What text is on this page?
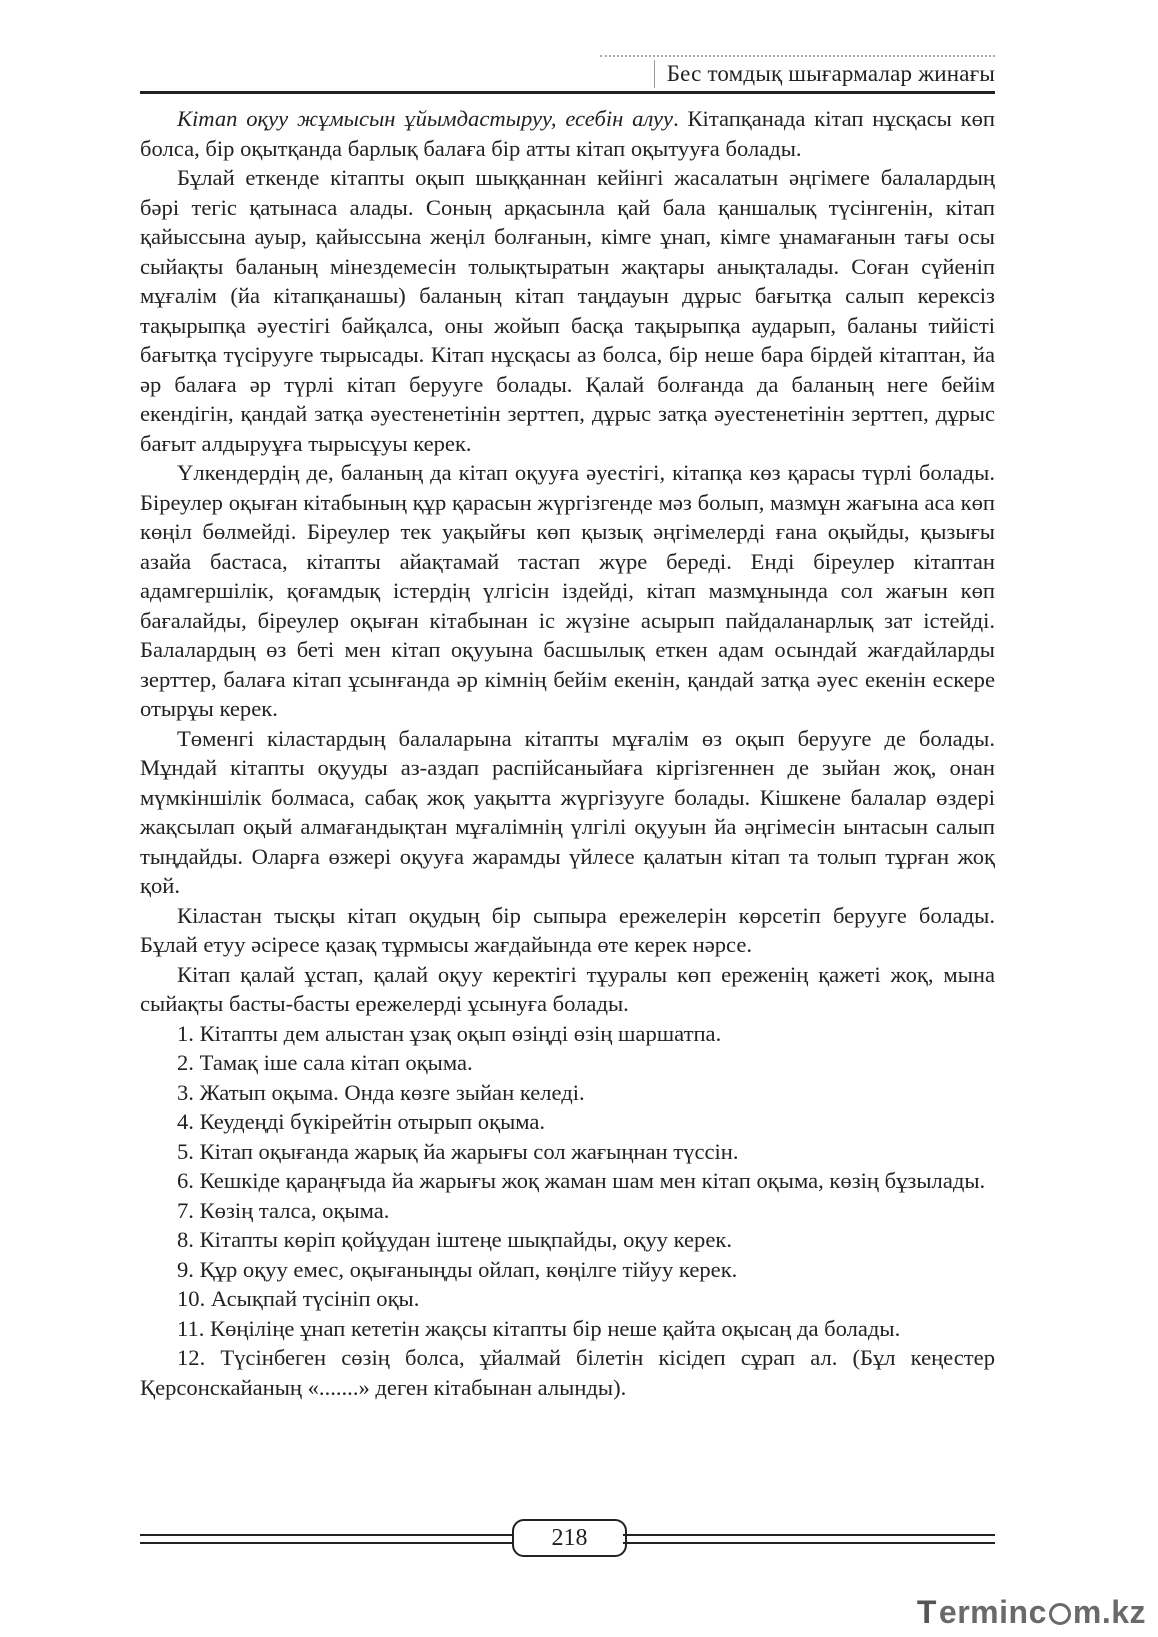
Бес томдық шығармалар жинағы

Кітап оқуу жұмысын ұйымдастыруу, есебін алуу. Кітапқанада кітап нұсқасы көп болса, бір оқытқанда барлық балаға бір атты кітап оқытууға болады.

Бұлай еткенде кітапты оқып шыққаннан кейінгі жасалатын әңгімеге балалардың бәрі тегіс қатынаса алады. Соның арқасынла қай бала қаншалық түсінгенін, кітап қайыссына ауыр, қайыссына жеңіл болғанын, кімге ұнап, кімге ұнамағанын тағы осы сыйақты баланың мінездемесін толықтыратын жақтары анықталады. Соған сүйеніп мұғалім (йа кітапқанашы) баланың кітап таңдауын дұрыс бағытқа салып керексіз тақырыпқа әуестігі байқалса, оны жойып басқа тақырыпқа аударып, баланы тийісті бағытқа түсірууге тырысады. Кітап нұсқасы аз болса, бір неше бара бірдей кітаптан, йа әр балаға әр түрлі кітап беруугe болады. Қалай болғанда да баланың неге бейім екендігін, қандай затқа әуестенетінін зерттеп, дұрыс затқа әуестенетінін зерттеп, дұрыс бағыт алдыруұға тырысұуы керек.

Үлкендердің де, баланың да кітап оқууға әуестігі, кітапқа көз қарасы түрлі болады. Біреулер оқыған кітабының құр қарасын жүргізгенде мәз болып, мазмұн жағына аса көп көңіл бөлмейді. Біреулер тек уақыйғы көп қызық әңгімелерді ғана оқыйды, қызығы азайа бастаса, кітапты айақтамай тастап жүре береді. Енді біреулер кітаптан адамгершілік, қоғамдық істердің үлгісін іздейді, кітап мазмұнында сол жағын көп бағалайды, біреулер оқыған кітабынан іс жүзіне асырып пайдаланарлық зат істейді. Балалардың өз беті мен кітап оқууына басшылық еткен адам осындай жағдайларды зерттер, балаға кітап ұсынғанда әр кімнің бейім екенін, қандай затқа әуес екенін ескере отырұы керек.

Төменгі кіластардың балаларына кітапты мұғалім өз оқып берууге де болады. Мұндай кітапты оқууды аз-аздап распійсаныйаға кіргізгеннен де зыйан жоқ, онан мүмкіншілік болмаса, сабақ жоқ уақытта жүргізууге болады. Кішкене балалар өздері жақсылап оқый алмағандықтан мұғалімнің үлгілі оқууын йа әңгімесін ынтасын салып тыңдайды. Оларға өзжері оқууға жарамды үйлесе қалатын кітап та толып тұрған жоқ қой.

Кіластан тысқы кітап оқудың бір сыпыра ережелерін көрсетіп берууге болады. Бұлай етуу әсіресе қазақ тұрмысы жағдайында өте керек нәрсе.

Кітап қалай ұстап, қалай оқуу керектігі тұуралы көп ереженің қажеті жоқ, мына сыйақты басты-басты ережелерді ұсынуға болады.

1. Кітапты дем алыстан ұзақ оқып өзіңді өзің шаршатпа.

2. Тамақ іше сала кітап оқыма.

3. Жатып оқыма. Онда көзге зыйан келеді.

4. Кеудеңді бүкірейтін отырып оқыма.

5. Кітап оқығанда жарық йа жарығы сол жағыңнан түссін.

6. Кешкіде қараңғыда йа жарығы жоқ жаман шам мен кітап оқыма, көзің бұзылады.

7. Көзің талса, оқыма.

8. Кітапты көріп қойұудан іштеңе шықпайды, оқуу керек.

9. Құр оқуу емес, оқығаныңды ойлап, көңілге тійуу керек.

10. Асықпай түсініп оқы.

11. Көңіліңе ұнап кететін жақсы кітапты бір неше қайта оқысаң да болады.

12. Түсінбеген сөзің болса, ұйалмай білетін кісідеп сұрап ал. (Бұл кеңестер Қерсонскайаның «.......» деген кітабынан алынды).

218
Terminc m.kz
